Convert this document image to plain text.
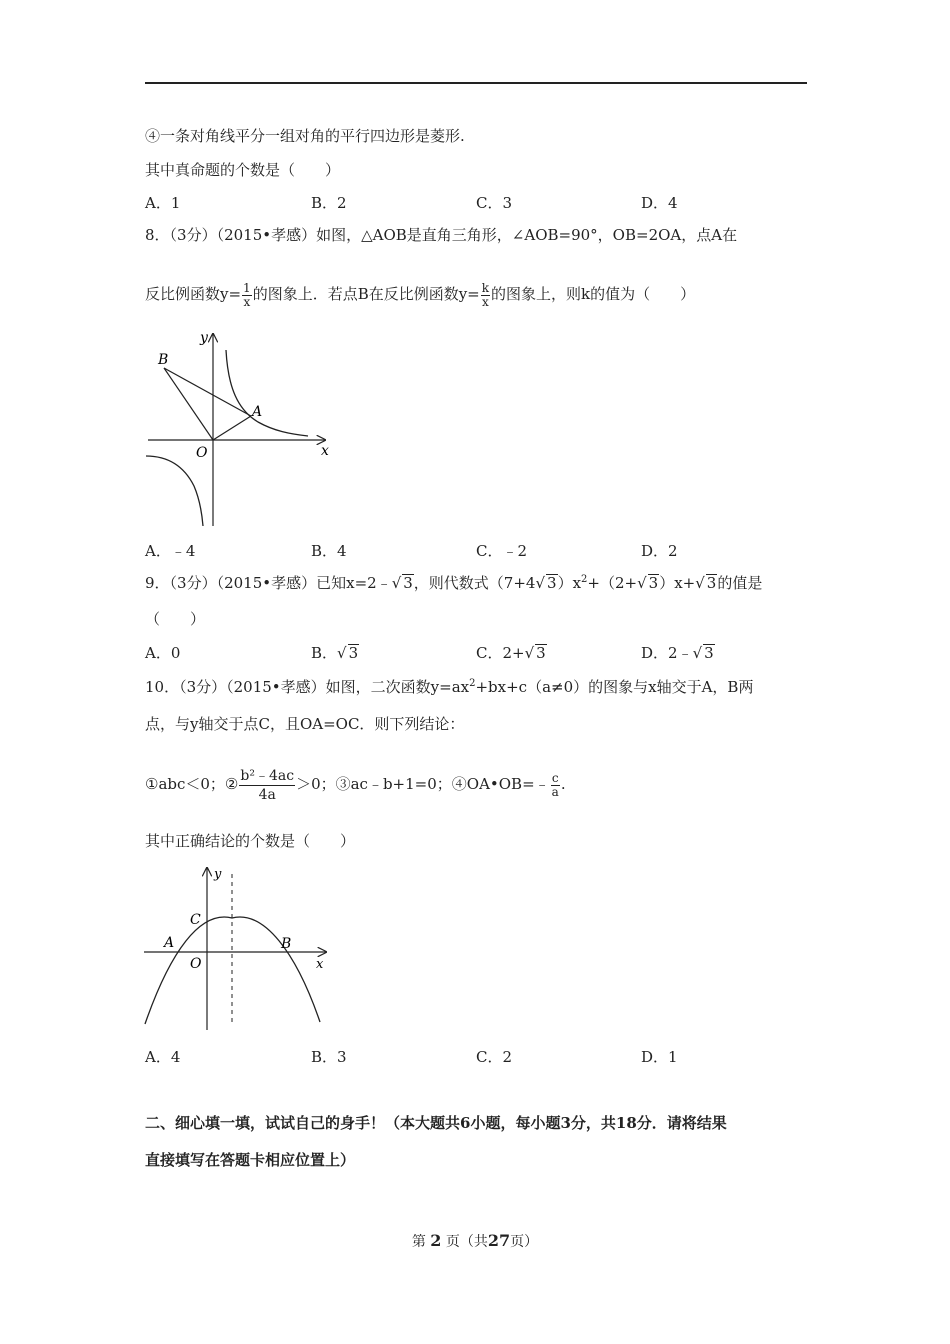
④一条对角线平分一组对角的平行四边形是菱形.
其中真命题的个数是（　　）
A．1	B．2	C．3	D．4
8．（3分）（2015•孝感）如图，△AOB是直角三角形，∠AOB=90°，OB=2OA，点A在
反比例函数$y= \frac{1}{x}$ 的图象上．若点B在反比例函数$y= \frac{k}{x}$ 的图象上，则k的值为（　　）
y
x
B
A
O
A．﹣4	B．4	C．﹣2	D．2
9．（3分）（2015•孝感）已知x=2﹣√ 3，则代数式（7+4√ $3)x^2+(2+√$ 3）x+√ 3的值是
（　　）
A．0	B．√ 3	C．2+√ 3	D．2﹣√ 3
10．（3分）（2015•孝感）如图，二次函数$y=ax^2+bx+c(a\ne 0)$的图象与x轴交于A，B两
点，与y轴交于点C，且OA=OC．则下列结论：
①abc＜0；② $\frac{\text{b²﹣4ac}}{4a} >0$；③ac﹣b+1=0；④OA•OB=﹣ $\frac{c}{a}$ .
其中正确结论的个数是（　　）
y
x
C
A	B
O
A．4	B．3	C．2	D．1
二、细心填一填，试试自己的身手！（本大题共6小题，每小题3分，共18分．请将结果
直接填写在答题卡相应位置上）
第 2 页（共27页）
